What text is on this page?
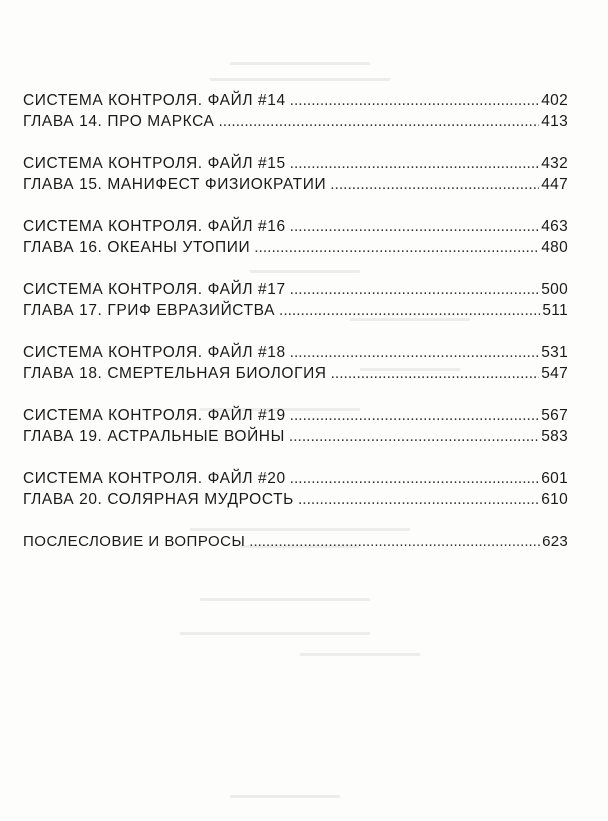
СИСТЕМА КОНТРОЛЯ. ФАЙЛ #14 .....	402
ГЛАВА 14. ПРО МАРКСА .....	413
СИСТЕМА КОНТРОЛЯ. ФАЙЛ #15 .....	432
ГЛАВА 15. МАНИФЕСТ ФИЗИОКРАТИИ .....	447
СИСТЕМА КОНТРОЛЯ. ФАЙЛ #16 .....	463
ГЛАВА 16. ОКЕАНЫ УТОПИИ .....	480
СИСТЕМА КОНТРОЛЯ. ФАЙЛ #17 .....	500
ГЛАВА 17. ГРИФ ЕВРАЗИЙСТВА .....	511
СИСТЕМА КОНТРОЛЯ. ФАЙЛ #18 .....	531
ГЛАВА 18. СМЕРТЕЛЬНАЯ БИОЛОГИЯ .....	547
СИСТЕМА КОНТРОЛЯ. ФАЙЛ #19 .....	567
ГЛАВА 19. АСТРАЛЬНЫЕ ВОЙНЫ .....	583
СИСТЕМА КОНТРОЛЯ. ФАЙЛ #20 .....	601
ГЛАВА 20. СОЛЯРНАЯ МУДРОСТЬ .....	610
ПОСЛЕСЛОВИЕ И ВОПРОСЫ .....	623
